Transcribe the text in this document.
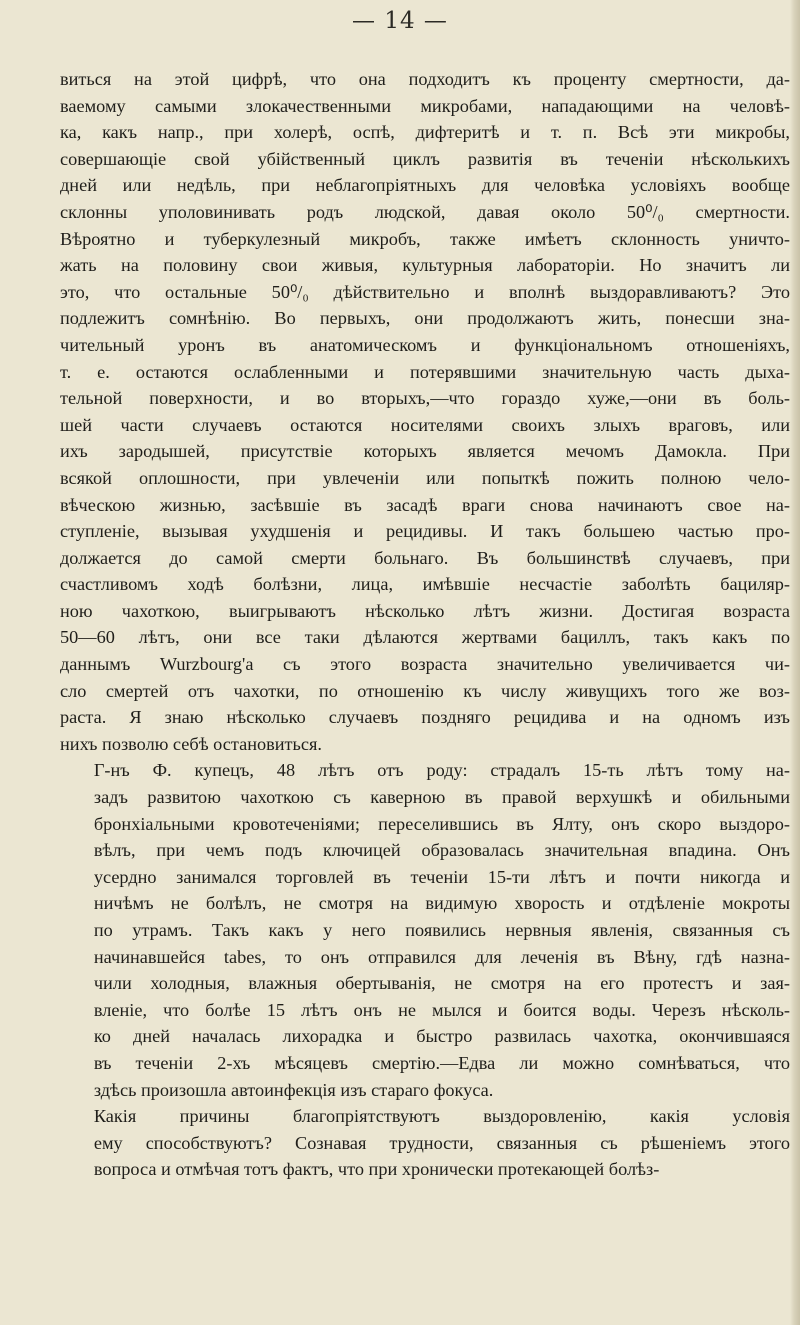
— 14 —
виться на этой цифрѣ, что она подходитъ къ проценту смертности, да-
ваемому самыми злокачественными микробами, нападающими на человѣ-
ка, какъ напр., при холерѣ, оспѣ, дифтеритѣ и т. п. Всѣ эти микробы,
совершающіе свой убійственный циклъ развитія въ теченіи нѣсколькихъ
дней или недѣль, при неблагопріятныхъ для человѣка условіяхъ вообще
склонны уполовинивать родъ людской, давая около 50⁰/₀ смертности.
Вѣроятно и туберкулезный микробъ, также имѣетъ склонность уничто-
жать на половину свои живыя, культурныя лабораторіи. Но значитъ ли
это, что остальные 50⁰/₀ дѣйствительно и вполнѣ выздоравливаютъ? Это
подлежитъ сомнѣнію. Во первыхъ, они продолжаютъ жить, понесши зна-
чительный уронъ въ анатомическомъ и функціональномъ отношеніяхъ,
т. е. остаются ослабленными и потерявшими значительную часть дыха-
тельной поверхности, и во вторыхъ,—что гораздо хуже,—они въ боль-
шей части случаевъ остаются носителями своихъ злыхъ враговъ, или
ихъ зародышей, присутствіе которыхъ является мечомъ Дамокла. При
всякой оплошности, при увлеченіи или попыткѣ пожить полною чело-
вѣческою жизнью, засѣвшіе въ засадѣ враги снова начинаютъ свое на-
ступленіе, вызывая ухудшенія и рецидивы. И такъ большею частью про-
должается до самой смерти больнаго. Въ большинствѣ случаевъ, при
счастливомъ ходѣ болѣзни, лица, имѣвшіе несчастіе заболѣть бациляр-
ною чахоткою, выигрываютъ нѣсколько лѣтъ жизни. Достигая возраста
50—60 лѣтъ, они все таки дѣлаются жертвами бациллъ, такъ какъ по
даннымъ Wurzbourg'а съ этого возраста значительно увеличивается чи-
сло смертей отъ чахотки, по отношенію къ числу живущихъ того же воз-
раста. Я знаю нѣсколько случаевъ поздняго рецидива и на одномъ изъ
нихъ позволю себѣ остановиться.
Г-нъ Ф. купецъ, 48 лѣтъ отъ роду: страдалъ 15-ть лѣтъ тому на-
задъ развитою чахоткою съ каверною въ правой верхушкѣ и обильными
бронхіальными кровотеченіями; переселившись въ Ялту, онъ скоро выздоро-
вѣлъ, при чемъ подъ ключицей образовалась значительная впадина. Онъ
усердно занимался торговлей въ теченіи 15-ти лѣтъ и почти никогда и
ничѣмъ не болѣлъ, не смотря на видимую хворость и отдѣленіе мокроты
по утрамъ. Такъ какъ у него появились нервныя явленія, связанныя съ
начинавшейся tabes, то онъ отправился для леченія въ Вѣну, гдѣ назна-
чили холодныя, влажныя обертыванія, не смотря на его протестъ и зая-
вленіе, что болѣе 15 лѣтъ онъ не мылся и боится воды. Черезъ нѣсколь-
ко дней началась лихорадка и быстро развилась чахотка, окончившаяся
въ теченіи 2-хъ мѣсяцевъ смертію.—Едва ли можно сомнѣваться, что
здѣсь произошла автоинфекція изъ стараго фокуса.
Какія причины благопріятствуютъ выздоровленію, какія условія
ему способствуютъ? Сознавая трудности, связанныя съ рѣшеніемъ этого
вопроса и отмѣчая тотъ фактъ, что при хронически протекающей болѣз-
